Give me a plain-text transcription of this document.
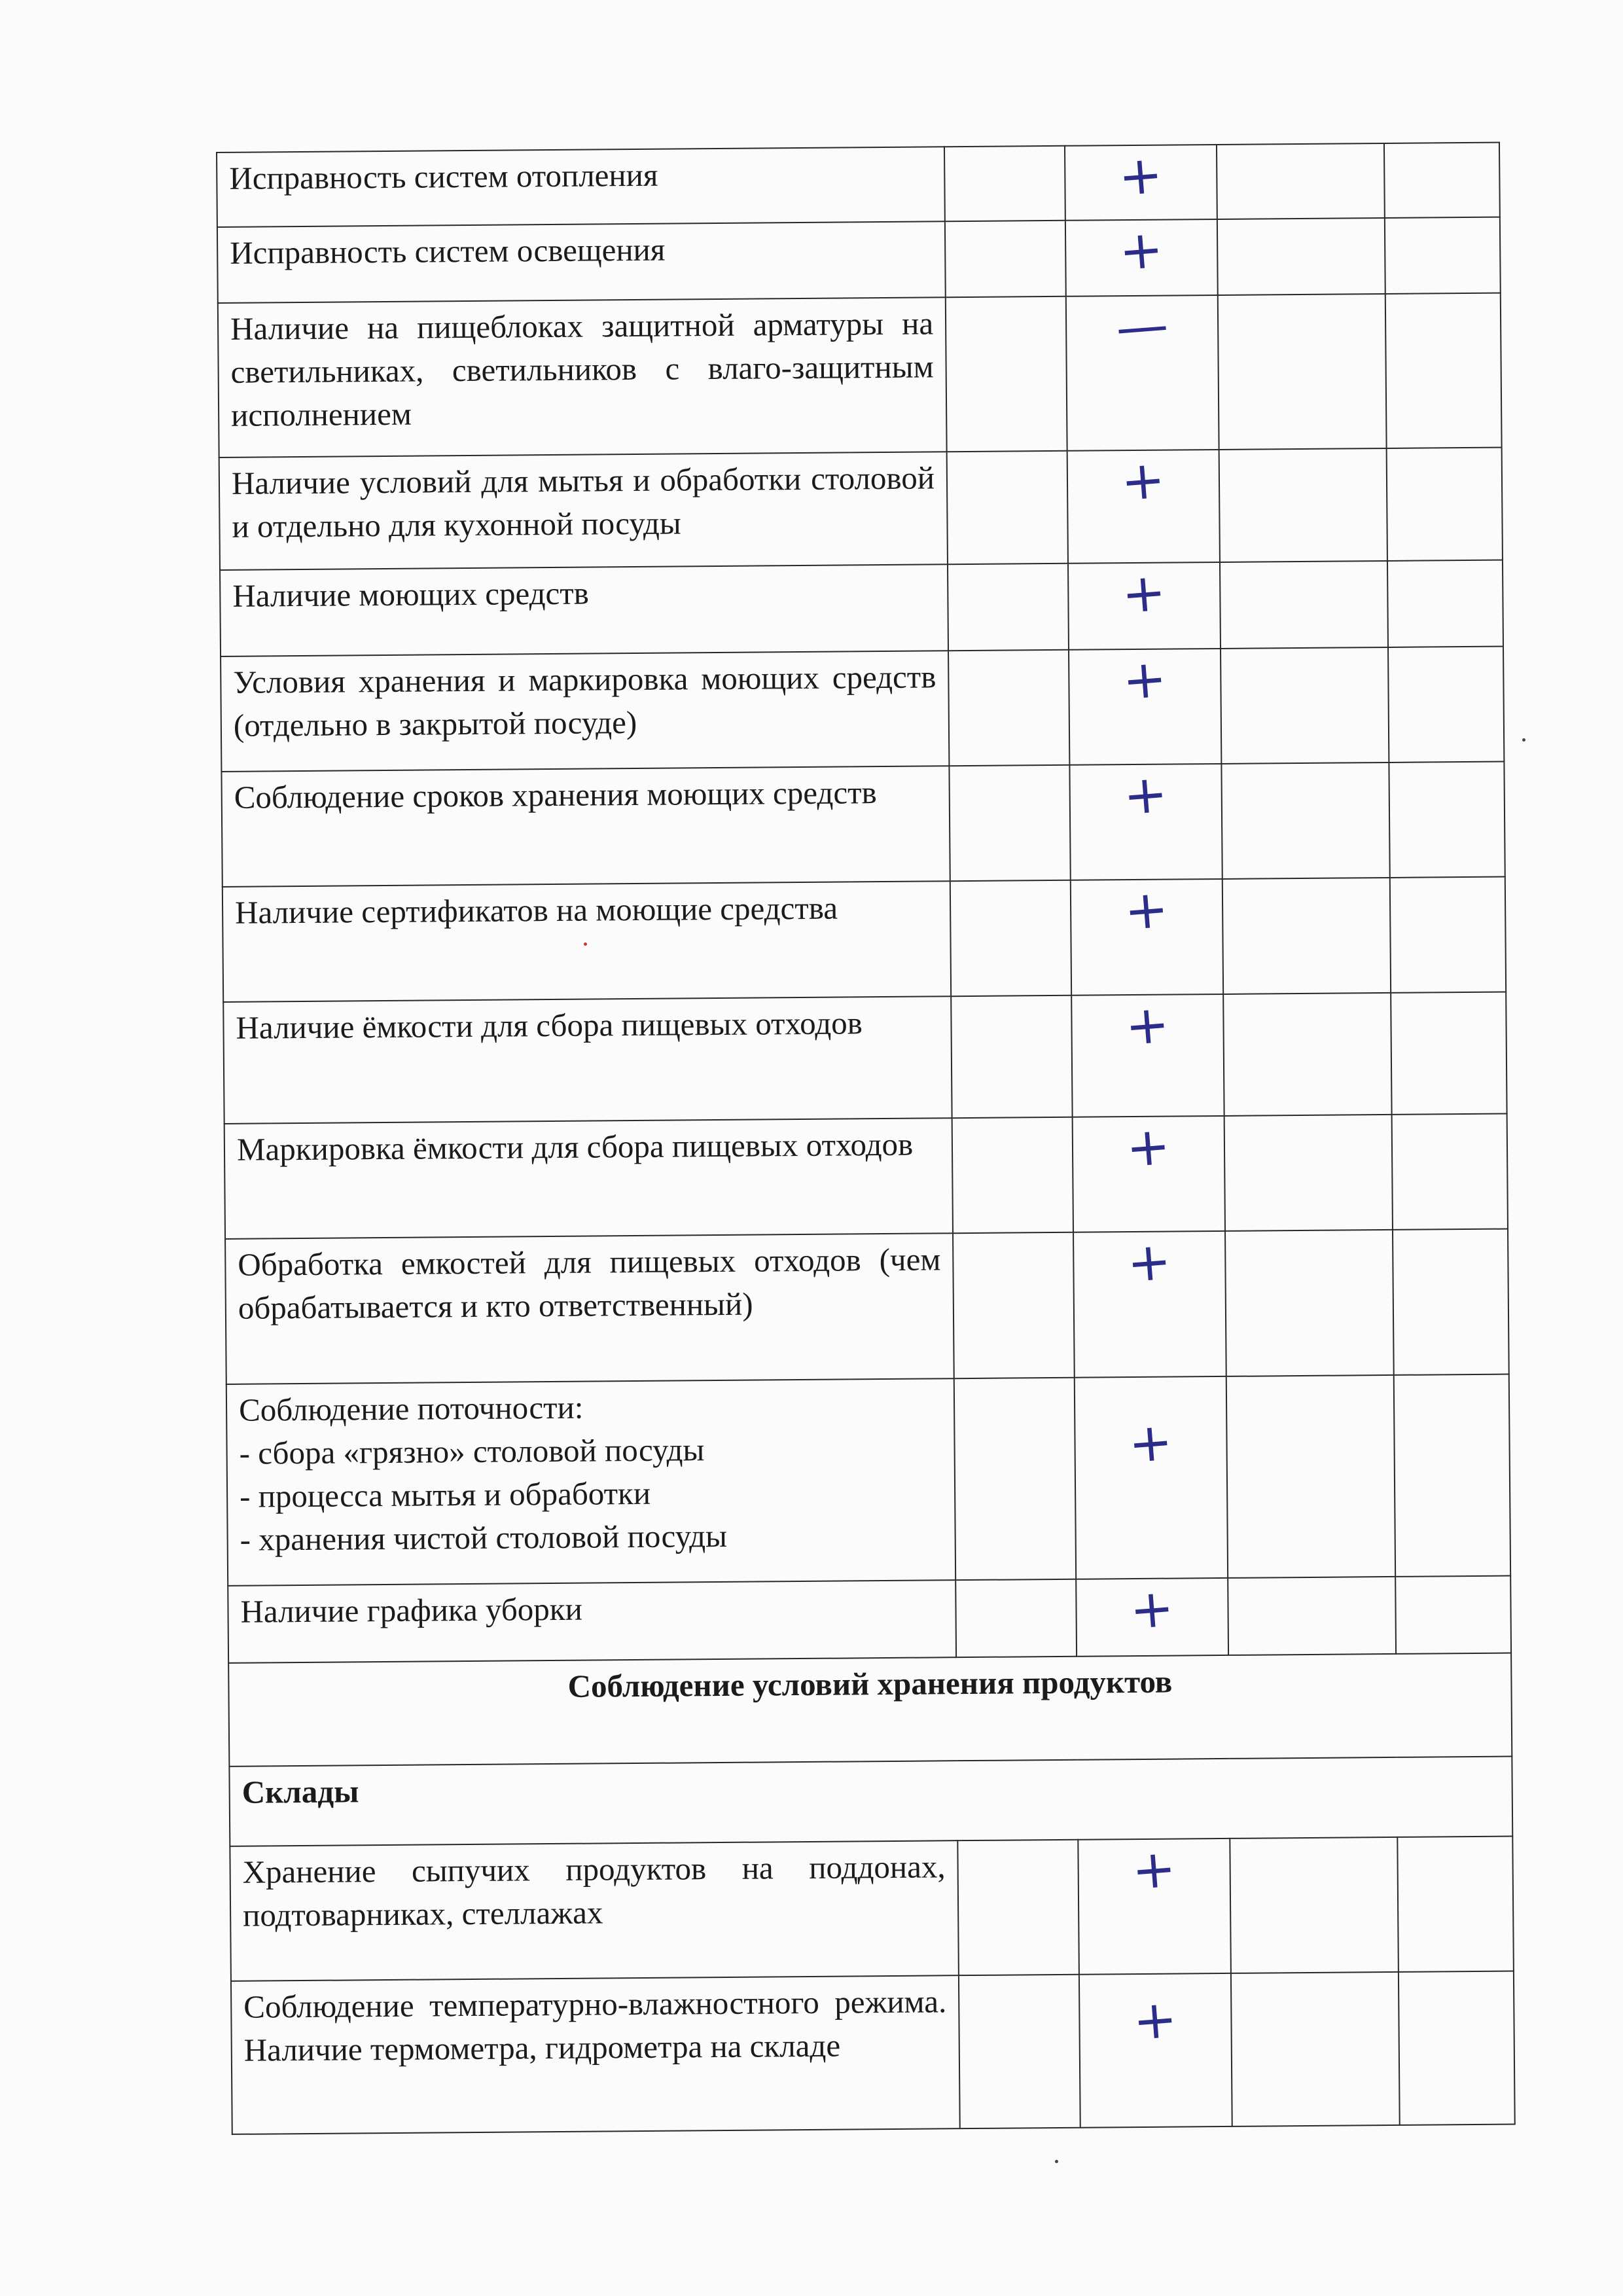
Исправность систем отопления		+		
Исправность систем освещения		+		
Наличие на пищеблоках защитной арматуры на светильниках, светильников с влаго-защитным исполнением		—		
Наличие условий для мытья и обработки столовой и отдельно для кухонной посуды		+		
Наличие моющих средств		+		
Условия хранения и маркировка моющих средств (отдельно в закрытой посуде)		+		
Соблюдение сроков хранения моющих средств		+		
Наличие сертификатов на моющие средства		+		
Наличие ёмкости для сбора пищевых отходов		+		
Маркировка ёмкости для сбора пищевых отходов		+		
Обработка емкостей для пищевых отходов (чем обрабатывается и кто ответственный)		+		

Соблюдение поточности:
- сбора «грязно» столовой посуды
- процесса мытья и обработки
- хранения чистой столовой посуды		+		
Наличие графика уборки		+		
Соблюдение условий хранения продуктов				
Склады				
Хранение сыпучих продуктов на поддонах, подтоварниках, стеллажах		+		
Соблюдение температурно-влажностного режима. Наличие термометра, гидрометра на складе		+		
